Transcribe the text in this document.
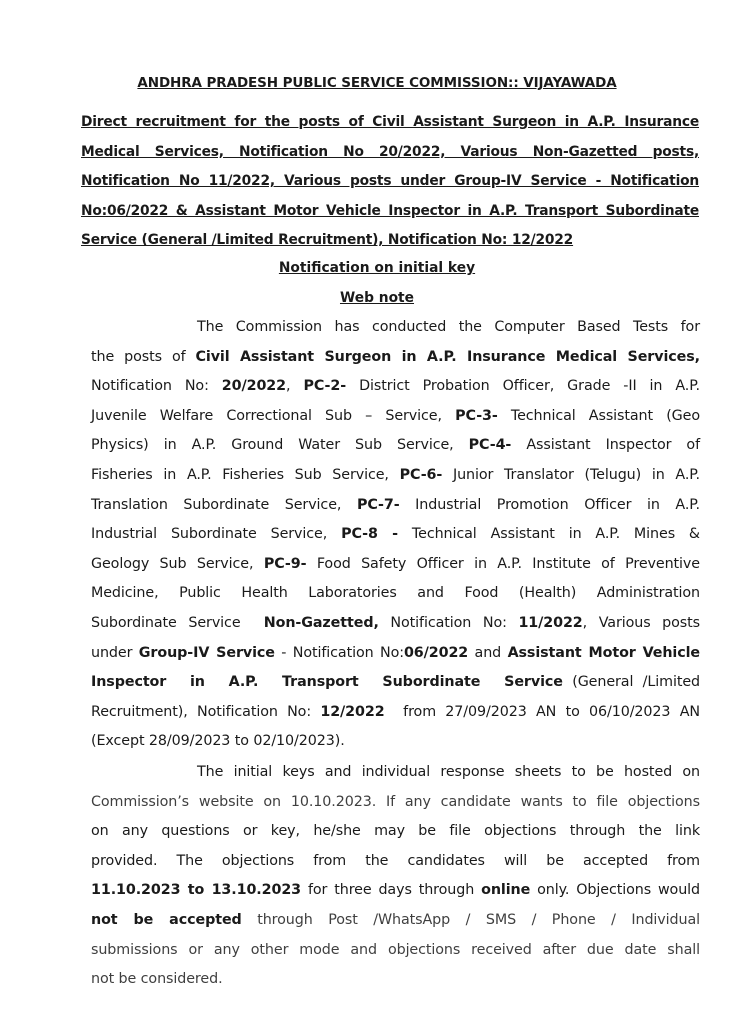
ANDHRA PRADESH PUBLIC SERVICE COMMISSION:: VIJAYAWADA
Direct recruitment for the posts of Civil Assistant Surgeon in A.P. Insurance
Medical Services, Notification No 20/2022, Various Non-Gazetted posts,
Notification No 11/2022, Various posts under Group-IV Service - Notification
No:06/2022 & Assistant Motor Vehicle Inspector in A.P. Transport Subordinate
Service (General /Limited Recruitment), Notification No: 12/2022
Notification on initial key
Web note
The Commission has conducted the Computer Based Tests for
the posts of Civil Assistant Surgeon in A.P. Insurance Medical Services,
Notification No: 20/2022, PC-2- District Probation Officer, Grade -II in A.P.
Juvenile Welfare Correctional Sub – Service, PC-3- Technical Assistant (Geo
Physics) in A.P. Ground Water Sub Service, PC-4- Assistant Inspector of
Fisheries in A.P. Fisheries Sub Service, PC-6- Junior Translator (Telugu) in A.P.
Translation Subordinate Service, PC-7- Industrial Promotion Officer in A.P.
Industrial Subordinate Service, PC-8 - Technical Assistant in A.P. Mines &
Geology Sub Service, PC-9- Food Safety Officer in A.P. Institute of Preventive
Medicine, Public Health Laboratories and Food (Health) Administration
Subordinate Service  Non-Gazetted, Notification No: 11/2022, Various posts
under Group-IV Service - Notification No:06/2022 and Assistant Motor Vehicle
Inspector in A.P. Transport Subordinate Service (General /Limited
Recruitment), Notification No: 12/2022  from 27/09/2023 AN to 06/10/2023 AN
(Except 28/09/2023 to 02/10/2023).
The initial keys and individual response sheets to be hosted on
Commission’s website on 10.10.2023. If any candidate wants to file objections
on any questions or key, he/she may be file objections through the link
provided. The objections from the candidates will be accepted from
11.10.2023 to 13.10.2023 for three days through online only. Objections would
not be accepted through Post /WhatsApp / SMS / Phone / Individual
submissions or any other mode and objections received after due date shall
not be considered.
